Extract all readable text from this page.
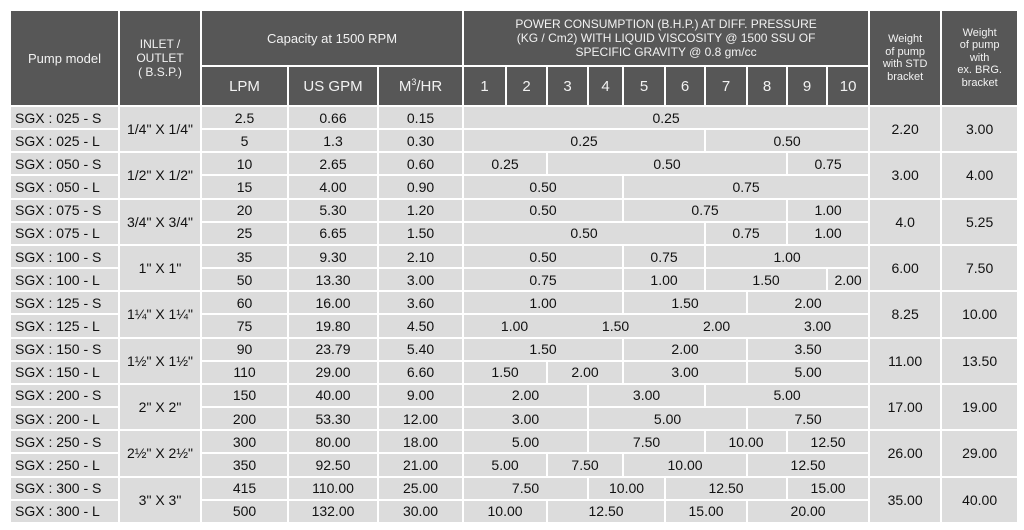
Pump model	INLET /
OUTLET
( B.S.P.)	Capacity at 1500 RPM			POWER CONSUMPTION (B.H.P.) AT DIFF. PRESSURE
(KG / Cm2) WITH LIQUID VISCOSITY @ 1500 SSU OF
SPECIFIC GRAVITY @ 0.8 gm/cc										Weight
of pump
with STD
bracket	Weight
of pump
with
ex. BRG.
bracket
		LPM	US GPM	$M^3/HR$	1	2	3	4	5	6	7	8	9	10		
SGX : 025 - S	1/4" X 1/4"	2.5	0.66	0.15	0.25										2.20	3.00
SGX : 025 - L		5	1.3	0.30	0.25						0.50					
SGX : 050 - S	1/2" X 1/2"	10	2.65	0.60	0.25		0.50						0.75		3.00	4.00
SGX : 050 - L		15	4.00	0.90	0.50				0.75							
SGX : 075 - S	3/4" X 3/4"	20	5.30	1.20	0.50				0.75				1.00		4.0	5.25
SGX : 075 - L		25	6.65	1.50	0.50						0.75		1.00			
SGX : 100 - S	1" X 1"	35	9.30	2.10	0.50				0.75		1.00				6.00	7.50
SGX : 100 - L		50	13.30	3.00	0.75				1.00		1.50			2.00		
SGX : 125 - S	1¼" X 1¼"	60	16.00	3.60	1.00				1.50			2.00			8.25	10.00
SGX : 125 - L		75	19.80	4.50	1.00 1.50 2.00 3.00											

SGX : 150 - S	1½" X 1½"	90	23.79	5.40	1.50				2.00			3.50			11.00	13.50
SGX : 150 - L		110	29.00	6.60	1.50		2.00		3.00			5.00				
SGX : 200 - S	2" X 2"	150	40.00	9.00	2.00			3.00			5.00				17.00	19.00
SGX : 200 - L		200	53.30	12.00	3.00			5.00				7.50				
SGX : 250 - S	2½" X 2½"	300	80.00	18.00	5.00			7.50			10.00		12.50		26.00	29.00
SGX : 250 - L		350	92.50	21.00	5.00		7.50		10.00			12.50				
SGX : 300 - S	3" X 3"	415	110.00	25.00	7.50			10.00		12.50			15.00		35.00	40.00
SGX : 300 - L		500	132.00	30.00	10.00		12.50			15.00		20.00				
